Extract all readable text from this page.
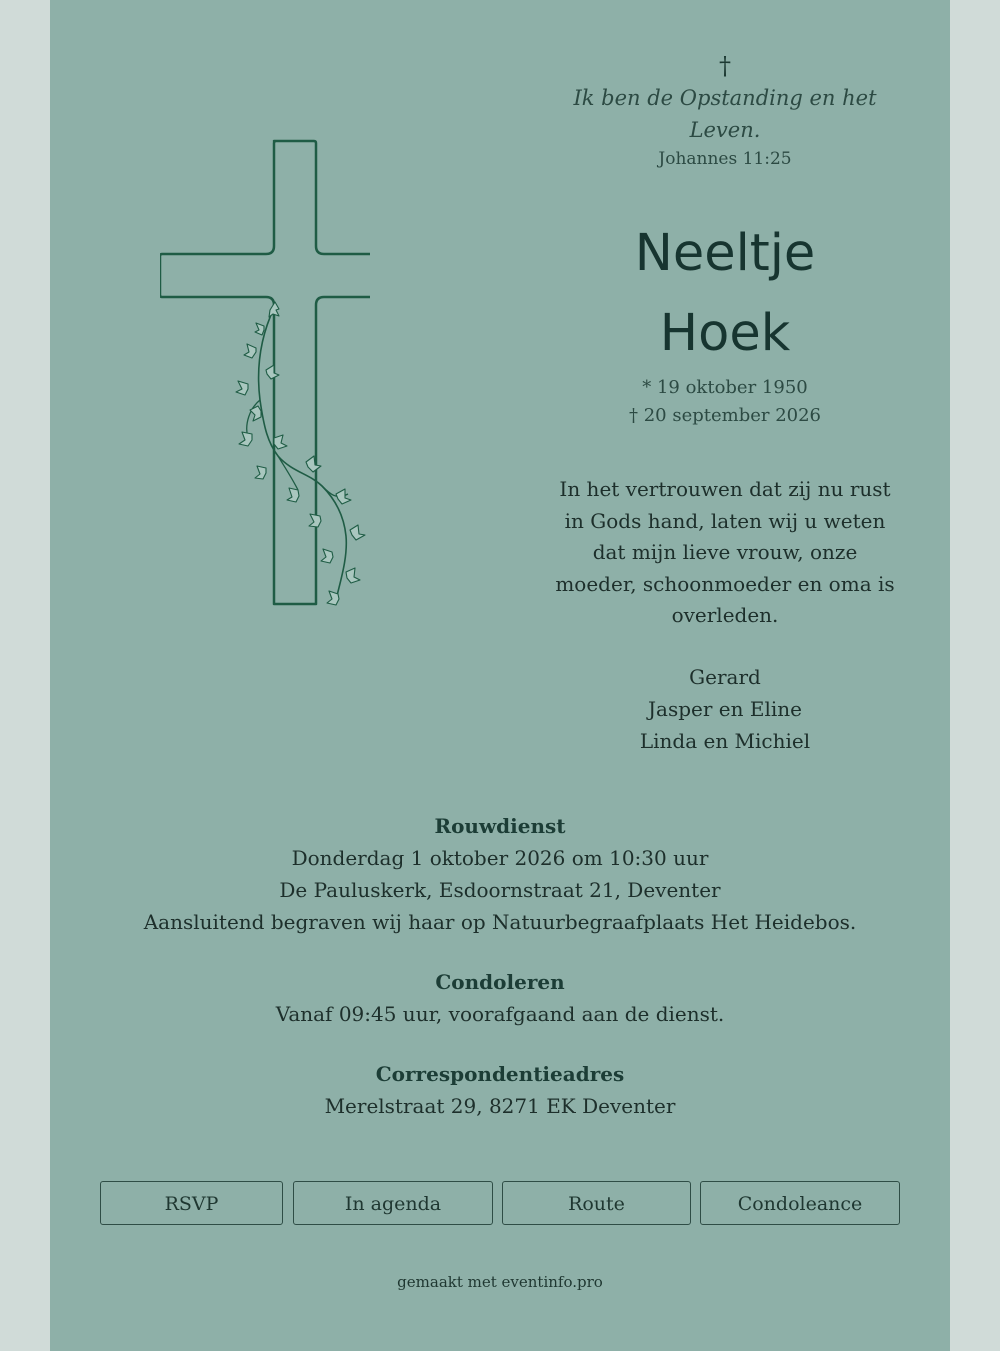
†
Ik ben de Opstanding en het Leven.
Johannes 11:25
Neeltje
Hoek
* 19 oktober 1950
† 20 september 2026
In het vertrouwen dat zij nu rust in Gods hand, laten wij u weten dat mijn lieve vrouw, onze moeder, schoonmoeder en oma is overleden.
Gerard
Jasper en Eline
Linda en Michiel
Rouwdienst
Donderdag 1 oktober 2026 om 10:30 uur
De Pauluskerk, Esdoornstraat 21, Deventer
Aansluitend begraven wij haar op Natuurbegraafplaats Het Heidebos.
Condoleren
Vanaf 09:45 uur, voorafgaand aan de dienst.
Correspondentieadres
Merelstraat 29, 8271 EK Deventer
RSVP	In agenda	Route	Condoleance
gemaakt met eventinfo.pro
